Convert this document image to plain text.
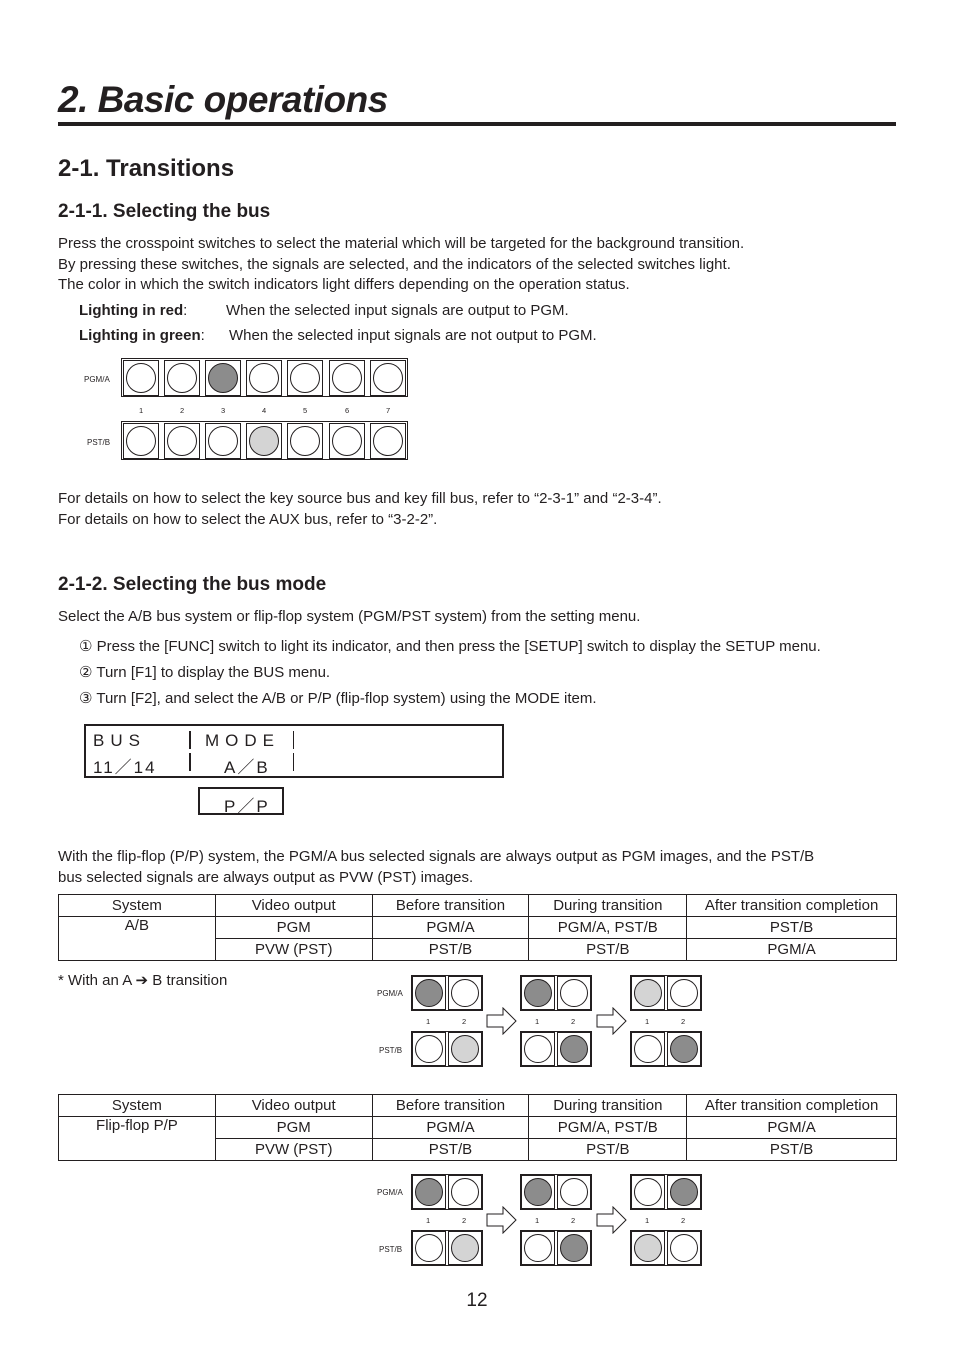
2. Basic operations
2-1. Transitions
2-1-1. Selecting the bus
Press the crosspoint switches to select the material which will be targeted for the background transition.
By pressing these switches, the signals are selected, and the indicators of the selected switches light.
The color in which the switch indicators light differs depending on the operation status.
Lighting in red:	When the selected input signals are output to PGM.
Lighting in green: When the selected input signals are not output to PGM.
PGM/A
PST/B
1	2	3	4	5	6	7
For details on how to select the key source bus and key fill bus, refer to “2-3-1” and “2-3-4”.
For details on how to select the AUX bus, refer to “3-2-2”.
2-1-2. Selecting the bus mode
Select the A/B bus system or flip-flop system (PGM/PST system) from the setting menu.
① Press the [FUNC] switch to light its indicator, and then press the [SETUP] switch to display the SETUP menu.
② Turn [F1] to display the BUS menu.
③ Turn [F2], and select the A/B or P/P (flip-flop system) using the MODE item.
BUS	MODE
11／14	A／B
P／P
With the flip-flop (P/P) system, the PGM/A bus selected signals are always output as PGM images, and the PST/B
bus selected signals are always output as PVW (PST) images.
System	Video output	Before transition	During transition	After transition completion
A/B	PGM	PGM/A	PGM/A, PST/B	PST/B
	PVW (PST)	PST/B	PST/B	PGM/A
* With an A ➔ B transition
PGM/A
PST/B
1	2	1	2	1	2
System	Video output	Before transition	During transition	After transition completion
Flip-flop P/P	PGM	PGM/A	PGM/A, PST/B	PGM/A
	PVW (PST)	PST/B	PST/B	PST/B
PGM/A
PST/B
1	2	1	2	1	2
12
